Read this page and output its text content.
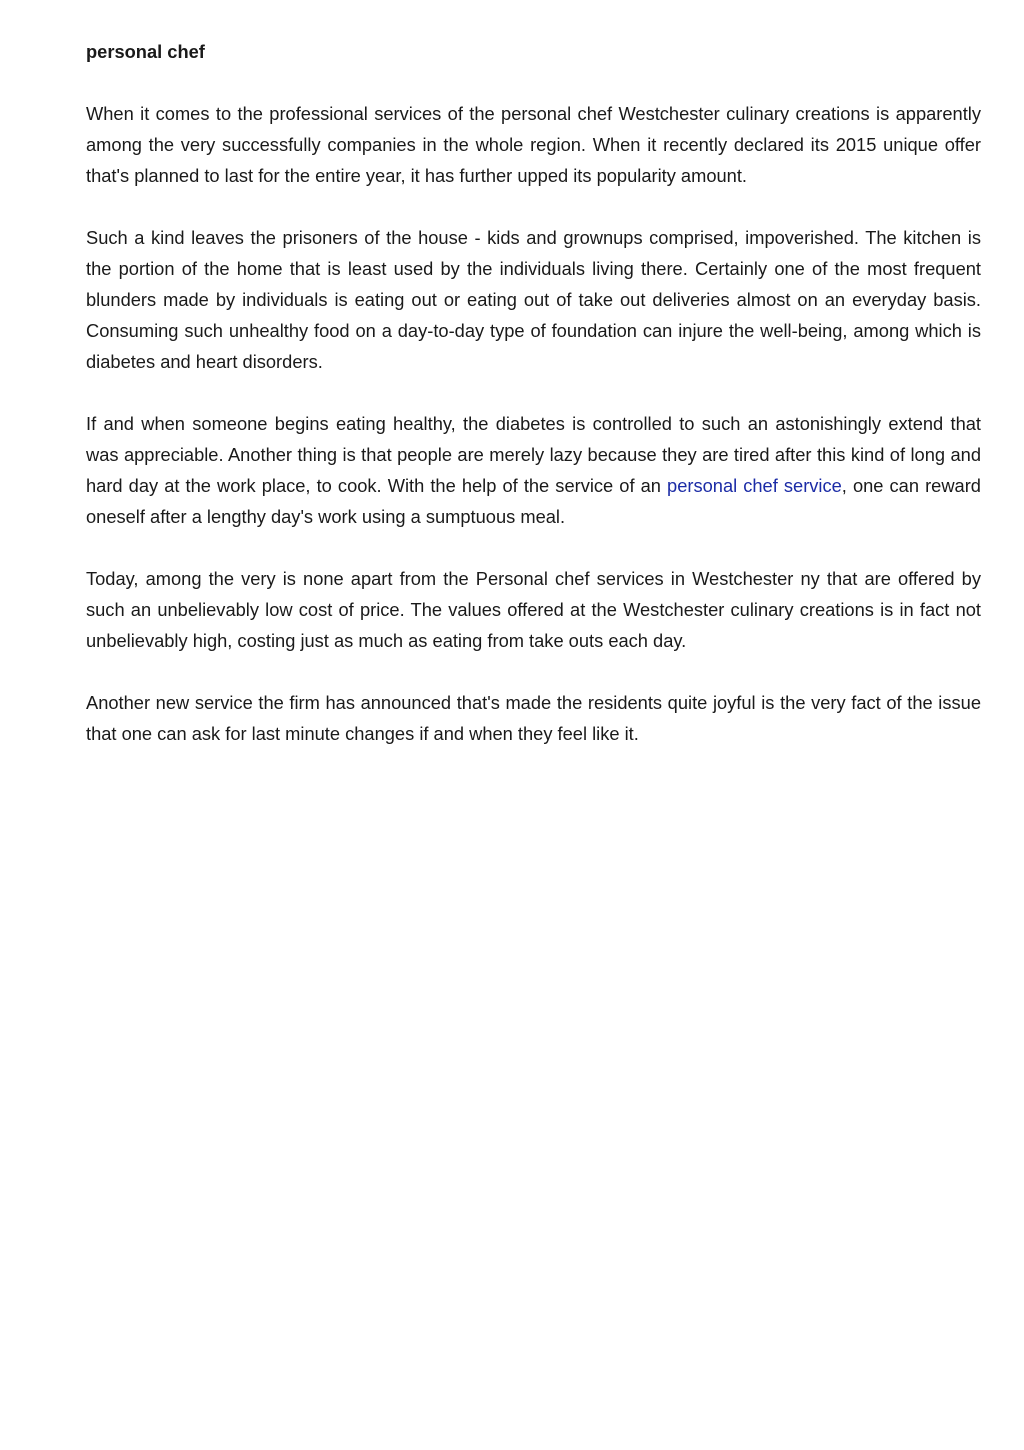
personal chef

When it comes to the professional services of the personal chef Westchester culinary creations is apparently among the very successfully companies in the whole region. When it recently declared its 2015 unique offer that's planned to last for the entire year, it has further upped its popularity amount.

Such a kind leaves the prisoners of the house - kids and grownups comprised, impoverished. The kitchen is the portion of the home that is least used by the individuals living there. Certainly one of the most frequent blunders made by individuals is eating out or eating out of take out deliveries almost on an everyday basis. Consuming such unhealthy food on a day-to-day type of foundation can injure the well-being, among which is diabetes and heart disorders.

If and when someone begins eating healthy, the diabetes is controlled to such an astonishingly extend that was appreciable. Another thing is that people are merely lazy because they are tired after this kind of long and hard day at the work place, to cook. With the help of the service of an personal chef service, one can reward oneself after a lengthy day's work using a sumptuous meal.

Today, among the very is none apart from the Personal chef services in Westchester ny that are offered by such an unbelievably low cost of price. The values offered at the Westchester culinary creations is in fact not unbelievably high, costing just as much as eating from take outs each day.

Another new service the firm has announced that's made the residents quite joyful is the very fact of the issue that one can ask for last minute changes if and when they feel like it.
